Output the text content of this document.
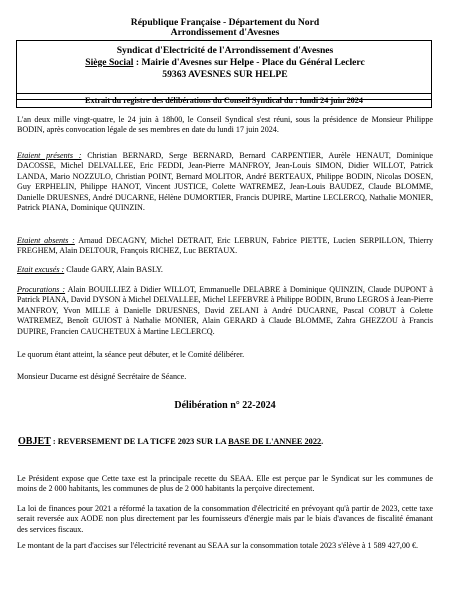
République Française - Département du Nord
Arrondissement d'Avesnes
Syndicat d'Electricité de l'Arrondissement d'Avesnes
Siège Social : Mairie d'Avesnes sur Helpe - Place du Général Leclerc
59363 AVESNES SUR HELPE
Extrait du registre des délibérations du Conseil Syndical du : lundi 24 juin 2024
L'an deux mille vingt-quatre, le 24 juin à 18h00, le Conseil Syndical s'est réuni, sous la présidence de Monsieur Philippe BODIN, après convocation légale de ses membres en date du lundi 17 juin 2024.
Etaient présents : Christian BERNARD, Serge BERNARD, Bernard CARPENTIER, Aurèle HENAUT, Dominique DACOSSE, Michel DELVALLEE, Eric FEDDI, Jean-Pierre MANFROY, Jean-Louis SIMON, Didier WILLOT, Patrick LANDA, Mario NOZZULO, Christian POINT, Bernard MOLITOR, André BERTEAUX, Philippe BODIN, Nicolas DOSEN, Guy ERPHELIN, Philippe HANOT, Vincent JUSTICE, Colette WATREMEZ, Jean-Louis BAUDEZ, Claude BLOMME, Danielle DRUESNES, André DUCARNE, Hélène DUMORTIER, Francis DUPIRE, Martine LECLERCQ, Nathalie MONIER, Patrick PIANA, Dominique QUINZIN.
Etaient absents : Arnaud DECAGNY, Michel DETRAIT, Eric LEBRUN, Fabrice PIETTE, Lucien SERPILLON, Thierry FREGHEM, Alain DELTOUR, François RICHEZ, Luc BERTAUX.
Etait excusés : Claude GARY, Alain BASLY.
Procurations : Alain BOUILLIEZ à Didier WILLOT, Emmanuelle DELABRE à Dominique QUINZIN, Claude DUPONT à Patrick PIANA, David DYSON à Michel DELVALLEE, Michel LEFEBVRE à Philippe BODIN, Bruno LEGROS à Jean-Pierre MANFROY, Yvon MILLE à Danielle DRUESNES, David ZELANI à André DUCARNE, Pascal COBUT à Colette WATREMEZ, Benoît GUIOST à Nathalie MONIER, Alain GERARD à Claude BLOMME, Zahra GHEZZOU à Francis DUPIRE, Francien CAUCHETEUX à Martine LECLERCQ.
Le quorum étant atteint, la séance peut débuter, et le Comité délibérer.
Monsieur Ducarne est désigné Secrétaire de Séance.
Délibération n° 22-2024
OBJET : REVERSEMENT DE LA TICFE 2023 SUR LA BASE DE L'ANNEE 2022.
Le Président expose que Cette taxe est la principale recette du SEAA. Elle est perçue par le Syndicat sur les communes de moins de 2 000 habitants, les communes de plus de 2 000 habitants la perçoive directement.
La loi de finances pour 2021 a réformé la taxation de la consommation d'électricité en prévoyant qu'à partir de 2023, cette taxe serait reversée aux AODE non plus directement par les fournisseurs d'énergie mais par le biais d'avances de fiscalité émanant des services fiscaux.
Le montant de la part d'accises sur l'électricité revenant au SEAA sur la consommation totale 2023 s'élève à 1 589 427,00 €.
